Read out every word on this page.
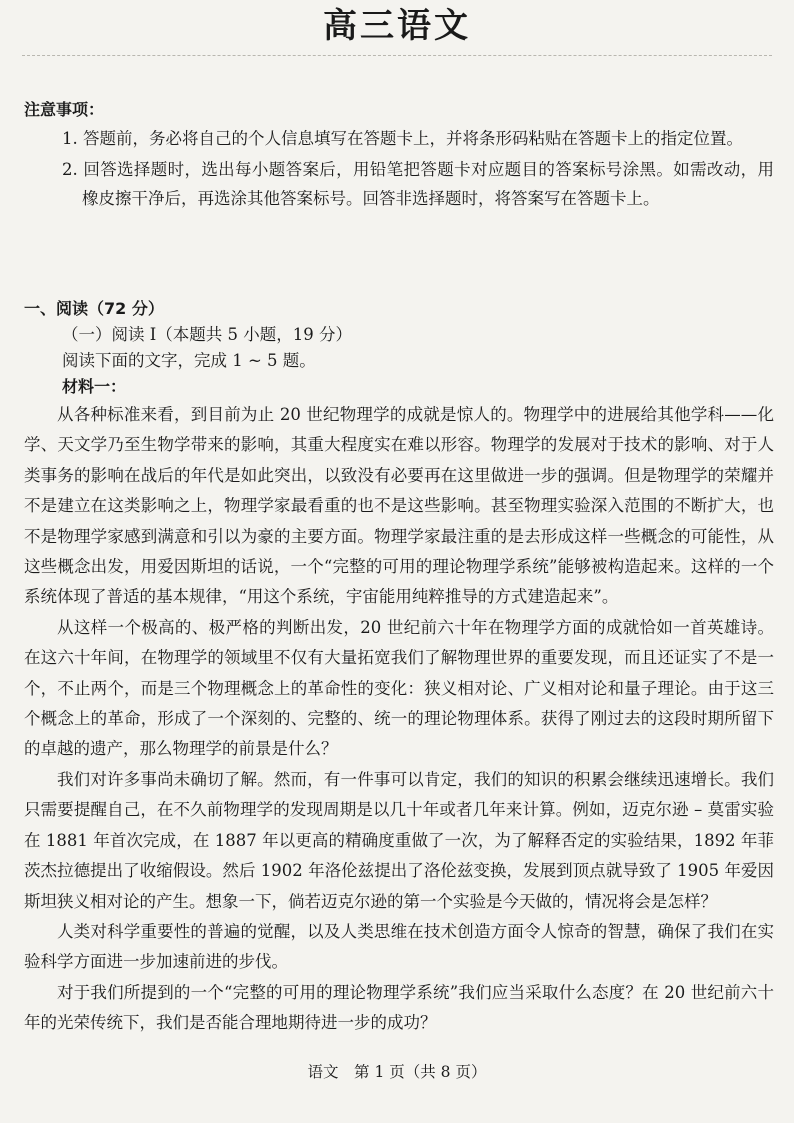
高三语文
注意事项：

1. 答题前，务必将自己的个人信息填写在答题卡上，并将条形码粘贴在答题卡上的指定位置。

2. 回答选择题时，选出每小题答案后，用铅笔把答题卡对应题目的答案标号涂黑。如需改动，用橡皮擦干净后，再选涂其他答案标号。回答非选择题时，将答案写在答题卡上。

一、阅读（72 分）
（一）阅读 Ⅰ（本题共 5 小题，19 分）
阅读下面的文字，完成 1 ~ 5 题。
材料一：

从各种标准来看，到目前为止 20 世纪物理学的成就是惊人的。物理学中的进展给其他学科——化学、天文学乃至生物学带来的影响，其重大程度实在难以形容。物理学的发展对于技术的影响、对于人类事务的影响在战后的年代是如此突出，以致没有必要再在这里做进一步的强调。但是物理学的荣耀并不是建立在这类影响之上，物理学家最看重的也不是这些影响。甚至物理实验深入范围的不断扩大，也不是物理学家感到满意和引以为豪的主要方面。物理学家最注重的是去形成这样一些概念的可能性，从这些概念出发，用爱因斯坦的话说，一个“完整的可用的理论物理学系统”能够被构造起来。这样的一个系统体现了普适的基本规律，“用这个系统，宇宙能用纯粹推导的方式建造起来”。

从这样一个极高的、极严格的判断出发，20 世纪前六十年在物理学方面的成就恰如一首英雄诗。在这六十年间，在物理学的领域里不仅有大量拓宽我们了解物理世界的重要发现，而且还证实了不是一个，不止两个，而是三个物理概念上的革命性的变化：狭义相对论、广义相对论和量子理论。由于这三个概念上的革命，形成了一个深刻的、完整的、统一的理论物理体系。获得了刚过去的这段时期所留下的卓越的遗产，那么物理学的前景是什么？

我们对许多事尚未确切了解。然而，有一件事可以肯定，我们的知识的积累会继续迅速增长。我们只需要提醒自己，在不久前物理学的发现周期是以几十年或者几年来计算。例如，迈克尔逊 – 莫雷实验在 1881 年首次完成，在 1887 年以更高的精确度重做了一次，为了解释否定的实验结果，1892 年菲茨杰拉德提出了收缩假设。然后 1902 年洛伦兹提出了洛伦兹变换，发展到顶点就导致了 1905 年爱因斯坦狭义相对论的产生。想象一下，倘若迈克尔逊的第一个实验是今天做的，情况将会是怎样？

人类对科学重要性的普遍的觉醒，以及人类思维在技术创造方面令人惊奇的智慧，确保了我们在实验科学方面进一步加速前进的步伐。

对于我们所提到的一个“完整的可用的理论物理学系统”我们应当采取什么态度？在 20 世纪前六十年的光荣传统下，我们是否能合理地期待进一步的成功？

语文　第 1 页（共 8 页）
